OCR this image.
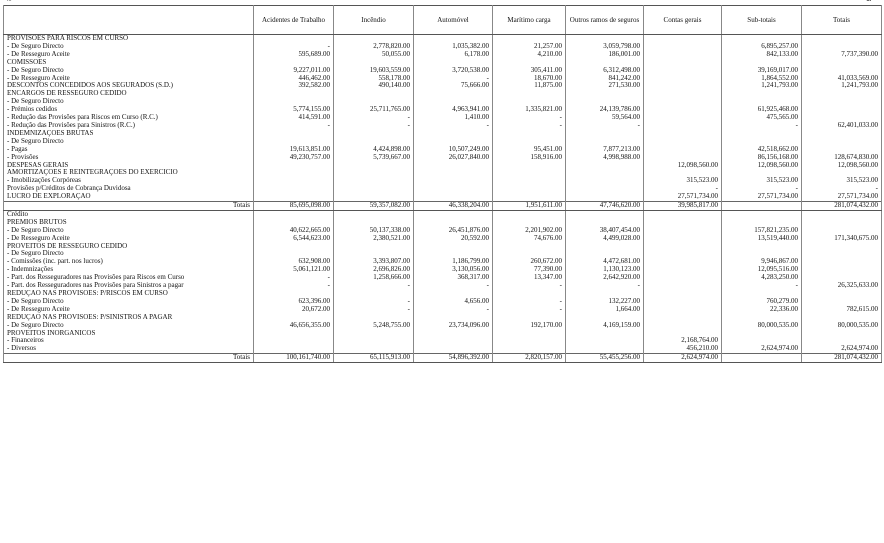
...	...
	Acidentes de Trabalho	Incêndio	Automóvel	Marítimo carga	Outros ramos de seguros	Contas gerais	Sub-totais	Totais
PROVISÕES PARA RISCOS EM CURSO								
- De Seguro Directo	-	2,778,820.00	1,035,382.00	21,257.00	3,059,798.00		6,895,257.00	
- De Resseguro Aceite	595,689.00	50,055.00	6,178.00	4,210.00	186,001.00		842,133.00	7,737,390.00
COMISSÕES								
- De Seguro Directo	9,227,011.00	19,603,559.00	3,720,538.00	305,411.00	6,312,498.00		39,169,017.00	
- De Resseguro Aceite	446,462.00	558,178.00	-	18,670.00	841,242.00		1,864,552.00	41,033,569.00
DESCONTOS CONCEDIDOS AOS SEGURADOS (S.D.)	392,582.00	490,140.00	75,666.00	11,875.00	271,530.00		1,241,793.00	1,241,793.00
ENCARGOS DE RESSEGURO CEDIDO								
- De Seguro Directo								
- Prémios cedidos	5,774,155.00	25,711,765.00	4,963,941.00	1,335,821.00	24,139,786.00		61,925,468.00	
- Redução das Provisões para Riscos em Curso (R.C.)	414,591.00	-	1,410.00	-	59,564.00		475,565.00	
- Redução das Provisões para Sinistros (R.C.)	-	-	-	-	-		-	62,401,033.00
INDEMNIZAÇÕES BRUTAS								
- De Seguro Directo								
- Pagas	19,613,851.00	4,424,898.00	10,507,249.00	95,451.00	7,877,213.00		42,518,662.00	
- Provisões	49,230,757.00	5,739,667.00	26,027,840.00	158,916.00	4,998,988.00		86,156,168.00	128,674,830.00
DESPESAS GERAIS						12,098,560.00	12,098,560.00	12,098,560.00
AMORTIZAÇÕES E REINTEGRAÇÕES DO EXERCÍCIO								
- Imobilizações Corpóreas						315,523.00	315,523.00	315,523.00
Provisões p/Créditos de Cobrança Duvidosa						-	-	-
LUCRO DE EXPLORAÇÃO						27,571,734.00	27,571,734.00	27,571,734.00
Totais	85,695,098.00	59,357,082.00	46,338,204.00	1,951,611.00	47,746,620.00	39,985,817.00		281,074,432.00
Crédito								
PRÉMIOS BRUTOS								
- De Seguro Directo	40,622,665.00	50,137,338.00	26,451,876.00	2,201,902.00	38,407,454.00		157,821,235.00	
- De Resseguro Aceite	6,544,623.00	2,380,521.00	20,592.00	74,676.00	4,499,028.00		13,519,440.00	171,340,675.00
PROVEITOS DE RESSEGURO CEDIDO								
- De Seguro Directo								
- Comissões (inc. part. nos lucros)	632,908.00	3,393,807.00	1,186,799.00	260,672.00	4,472,681.00		9,946,867.00	
- Indemnizações	5,061,121.00	2,696,826.00	3,130,056.00	77,390.00	1,130,123.00		12,095,516.00	
- Part. dos Resseguradores nas Provisões para Riscos em Curso	-	1,258,666.00	368,317.00	13,347.00	2,642,920.00		4,283,250.00	
- Part. dos Resseguradores nas Provisões para Sinistros a pagar	-	-	-	-	-		-	26,325,633.00
REDUÇÃO NAS PROVISÕES: P/RISCOS EM CURSO								
- De Seguro Directo	623,396.00	-	4,656.00	-	132,227.00		760,279.00	
- De Resseguro Aceite	20,672.00	-	-	-	1,664.00		22,336.00	782,615.00
REDUÇÃO NAS PROVISÕES: P/SINISTROS A PAGAR								
- De Seguro Directo	46,656,355.00	5,248,755.00	23,734,096.00	192,170.00	4,169,159.00		80,000,535.00	80,000,535.00
PROVEITOS INORGÂNICOS								
- Financeiros						2,168,764.00		
- Diversos						456,210.00	2,624,974.00	2,624,974.00
Totais	100,161,740.00	65,115,913.00	54,896,392.00	2,820,157.00	55,455,256.00	2,624,974.00		281,074,432.00
